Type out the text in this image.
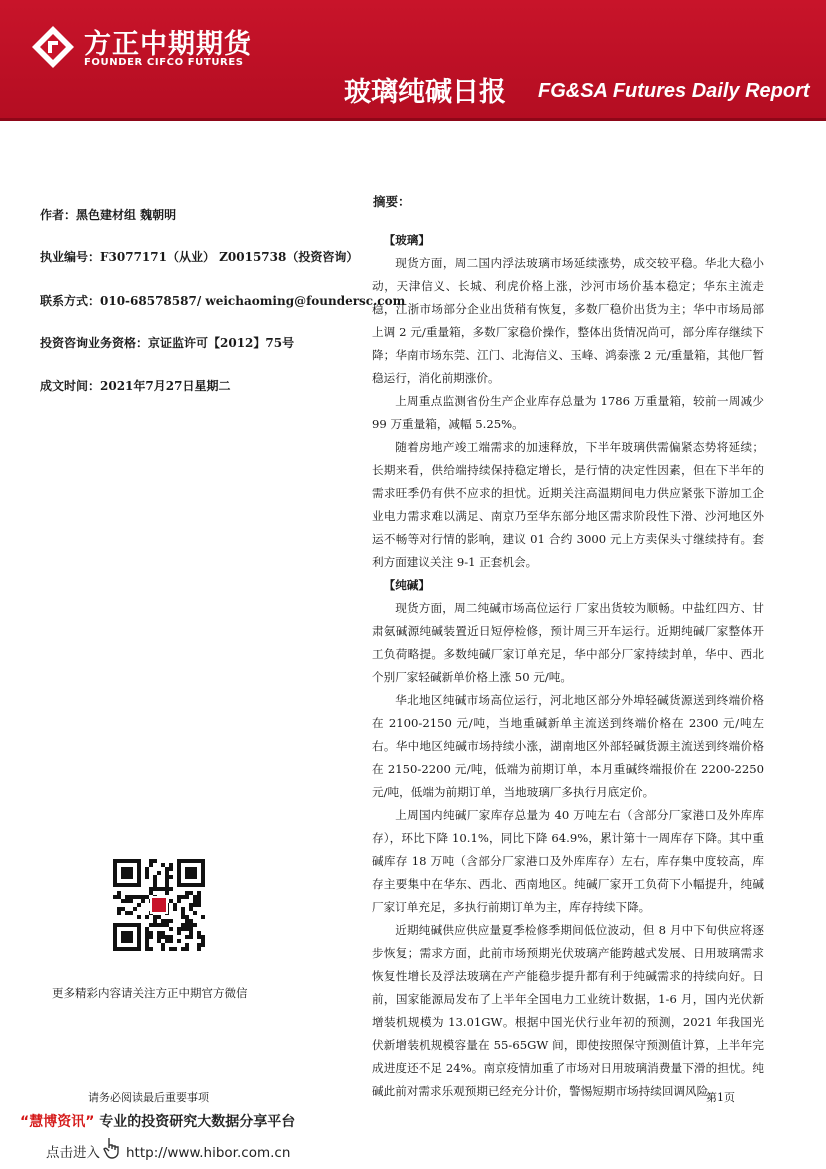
方正中期期货
FOUNDER CIFCO FUTURES
玻璃纯碱日报 FG&SA Futures Daily Report
作者：黑色建材组 魏朝明
执业编号：F3077171（从业） Z0015738（投资咨询）
联系方式：010-68578587/ weichaoming@foundersc.com
投资咨询业务资格：京证监许可【2012】75号
成文时间：2021年7月27日星期二
更多精彩内容请关注方正中期官方微信
摘要：

【玻璃】

现货方面，周二国内浮法玻璃市场延续涨势，成交较平稳。华北大稳小动，天津信义、长城、利虎价格上涨，沙河市场价基本稳定；华东主流走稳，江浙市场部分企业出货稍有恢复，多数厂稳价出货为主；华中市场局部上调 2 元/重量箱，多数厂家稳价操作，整体出货情况尚可，部分库存继续下降；华南市场东莞、江门、北海信义、玉峰、鸿泰涨 2 元/重量箱，其他厂暂稳运行，消化前期涨价。

上周重点监测省份生产企业库存总量为 1786 万重量箱，较前一周减少 99 万重量箱，减幅 5.25%。

随着房地产竣工端需求的加速释放，下半年玻璃供需偏紧态势将延续；长期来看，供给端持续保持稳定增长，是行情的决定性因素，但在下半年的需求旺季仍有供不应求的担忧。近期关注高温期间电力供应紧张下游加工企业电力需求难以满足、南京乃至华东部分地区需求阶段性下滑、沙河地区外运不畅等对行情的影响，建议 01 合约 3000 元上方卖保头寸继续持有。套利方面建议关注 9-1 正套机会。

【纯碱】

现货方面，周二纯碱市场高位运行 厂家出货较为顺畅。中盐红四方、甘肃氨碱源纯碱装置近日短停检修，预计周三开车运行。近期纯碱厂家整体开工负荷略提。多数纯碱厂家订单充足，华中部分厂家持续封单，华中、西北个别厂家轻碱新单价格上涨 50 元/吨。

华北地区纯碱市场高位运行，河北地区部分外埠轻碱货源送到终端价格在 2100-2150 元/吨，当地重碱新单主流送到终端价格在 2300 元/吨左右。华中地区纯碱市场持续小涨，湖南地区外部轻碱货源主流送到终端价格在 2150-2200 元/吨，低端为前期订单，本月重碱终端报价在 2200-2250 元/吨，低端为前期订单，当地玻璃厂多执行月底定价。

上周国内纯碱厂家库存总量为 40 万吨左右（含部分厂家港口及外库库存），环比下降 10.1%，同比下降 64.9%，累计第十一周库存下降。其中重碱库存 18 万吨（含部分厂家港口及外库库存）左右，库存集中度较高，库存主要集中在华东、西北、西南地区。纯碱厂家开工负荷下小幅提升，纯碱厂家订单充足，多执行前期订单为主，库存持续下降。

近期纯碱供应供应量夏季检修季期间低位波动，但 8 月中下旬供应将逐步恢复；需求方面，此前市场预期光伏玻璃产能跨越式发展、日用玻璃需求恢复性增长及浮法玻璃在产产能稳步提升都有利于纯碱需求的持续向好。日前，国家能源局发布了上半年全国电力工业统计数据，1-6 月，国内光伏新增装机规模为 13.01GW。根据中国光伏行业年初的预测，2021 年我国光伏新增装机规模容量在 55-65GW 间，即使按照保守预测值计算，上半年完成进度还不足 24%。南京疫情加重了市场对日用玻璃消费量下滑的担忧。纯碱此前对需求乐观预期已经充分计价，警惕短期市场持续回调风险。

请务必阅读最后重要事项	第1页
“慧博资讯” 专业的投资研究大数据分享平台
点击进入 http://www.hibor.com.cn
